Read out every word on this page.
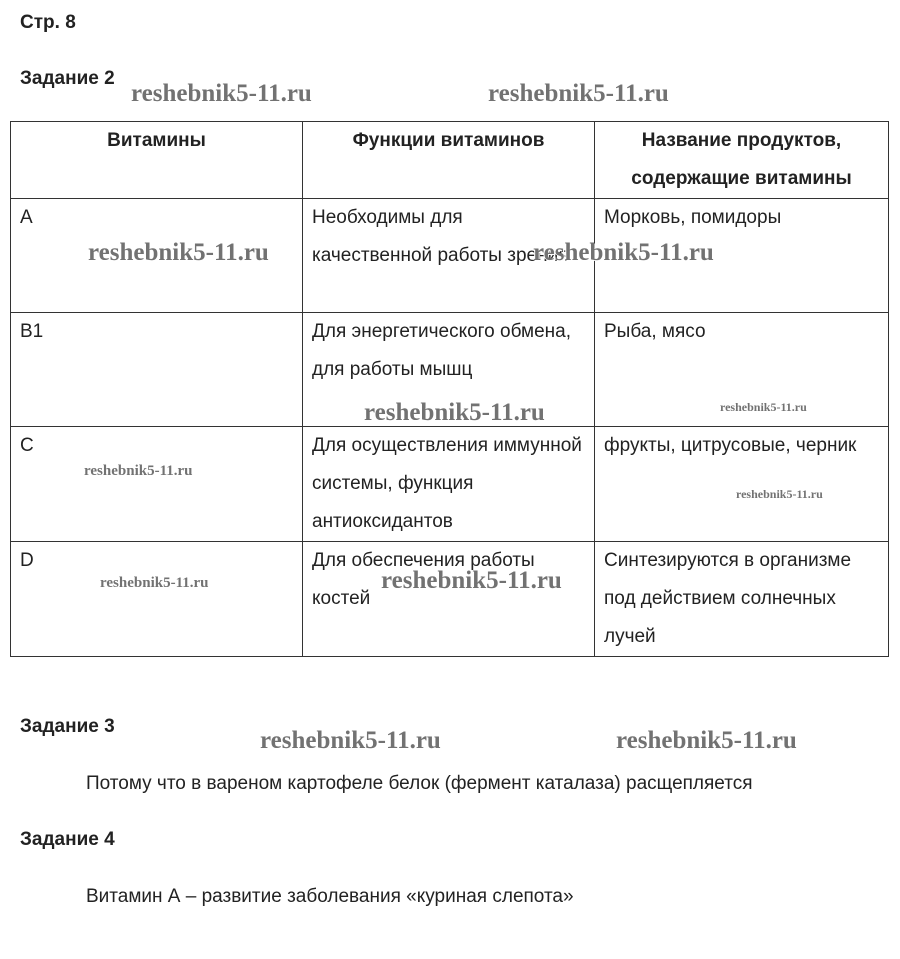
Стр. 8
Задание 2
Витамины	Функции витаминов	Название продуктов, содержащие витамины
A	Необходимы для качественной работы зрения	Морковь, помидоры
B1	Для энергетического обмена, для работы мышц	Рыба, мясо
C	Для осуществления иммунной системы, функция антиоксидантов	фрукты, цитрусовые, черник
D	Для обеспечения работы костей	Синтезируются в организме под действием солнечных лучей
Задание 3
Потому что в вареном картофеле белок (фермент каталаза) расщепляется
Задание 4
Витамин А – развитие заболевания «куриная слепота»
reshebnik5-11.ru	reshebnik5-11.ru
reshebnik5-11.ru	reshebnik5-11.ru
reshebnik5-11.ru	reshebnik5-11.ru
reshebnik5-11.ru
reshebnik5-11.ru
reshebnik5-11.ru	reshebnik5-11.ru
reshebnik5-11.ru	reshebnik5-11.ru
